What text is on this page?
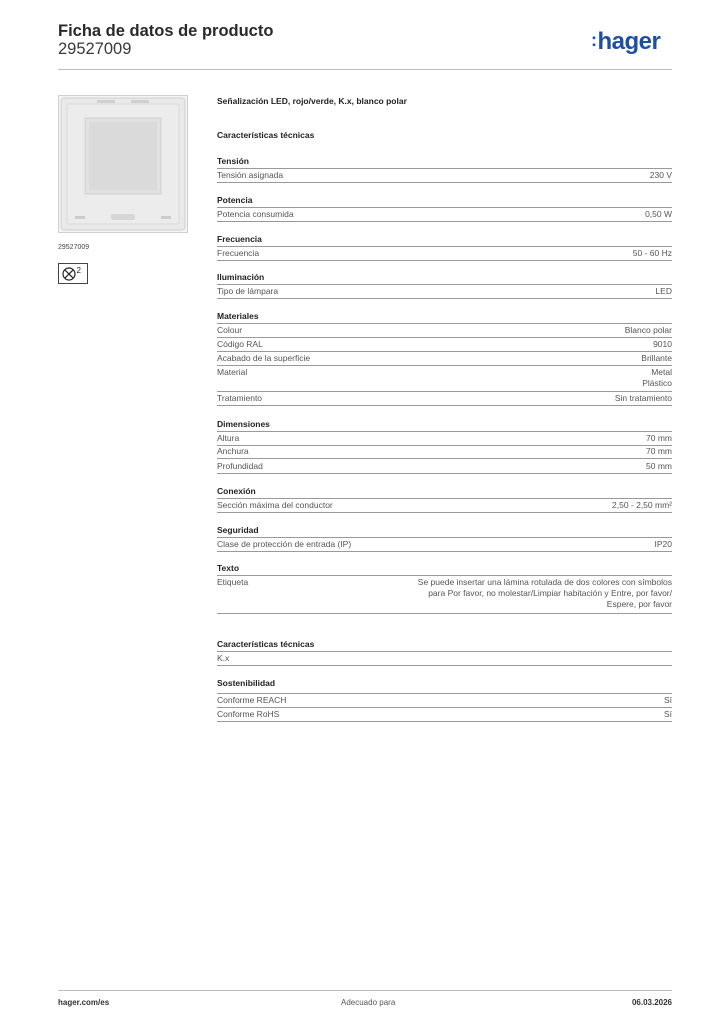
Ficha de datos de producto
29527009	:hager
29527009
2
Señalización LED, rojo/verde, K.x, blanco polar
Características técnicas
Tensión
Tensión asignada	230 V
Potencia
Potencia consumida	0,50 W
Frecuencia
Frecuencia	50 - 60 Hz
Iluminación
Tipo de lámpara	LED
Materiales
Colour	Blanco polar
Código RAL	9010
Acabado de la superficie	Brillante
Material	Metal
Plástico
Tratamiento	Sin tratamiento
Dimensiones
Altura	70 mm
Anchura	70 mm
Profundidad	50 mm
Conexión
Sección máxima del conductor	2,50 - 2,50 mm²
Seguridad
Clase de protección de entrada (IP)	IP20
Texto
Etiqueta	Se puede insertar una lámina rotulada de dos colores con símbolos
para Por favor, no molestar/Limpiar habitación y Entre, por favor/
Espere, por favor
Características técnicas
K.x
Sostenibilidad
Conforme REACH	Sí
Conforme RoHS	Sí
hager.com/es	Adecuado para	06.03.2026
